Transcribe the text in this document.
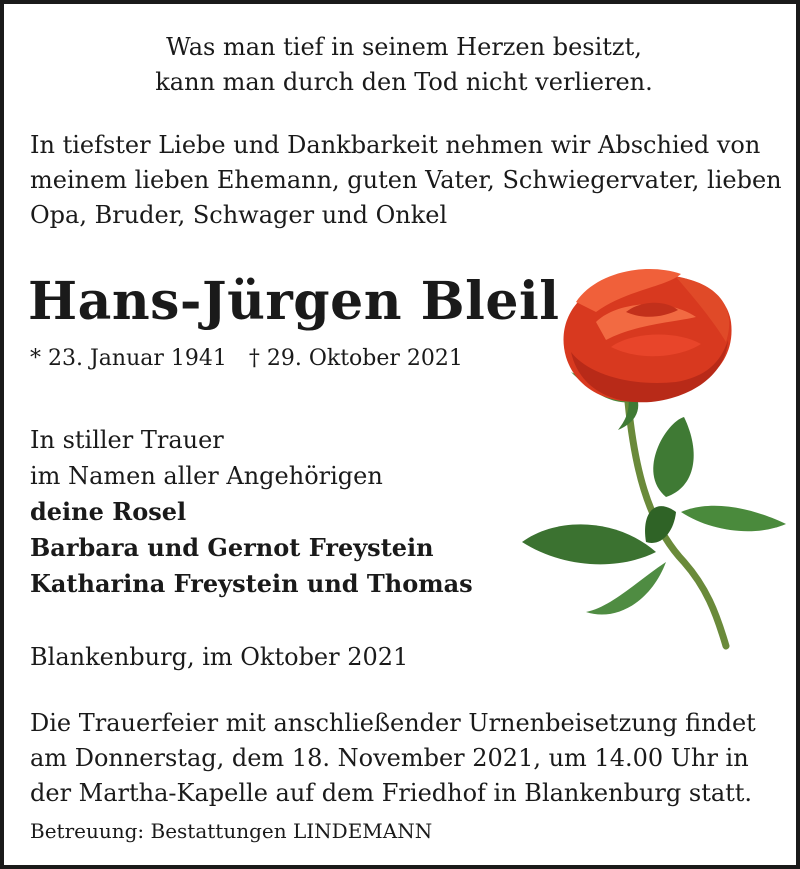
Was man tief in seinem Herzen besitzt,
kann man durch den Tod nicht verlieren.
In tiefster Liebe und Dankbarkeit nehmen wir Abschied von
meinem lieben Ehemann, guten Vater, Schwiegervater, lieben
Opa, Bruder, Schwager und Onkel
Hans-Jürgen Bleil
* 23. Januar 1941 † 29. Oktober 2021
In stiller Trauer
im Namen aller Angehörigen
deine Rosel
Barbara und Gernot Freystein
Katharina Freystein und Thomas
Blankenburg, im Oktober 2021
Die Trauerfeier mit anschließender Urnenbeisetzung findet
am Donnerstag, dem 18. November 2021, um 14.00 Uhr in
der Martha-Kapelle auf dem Friedhof in Blankenburg statt.
Betreuung: Bestattungen LINDEMANN
